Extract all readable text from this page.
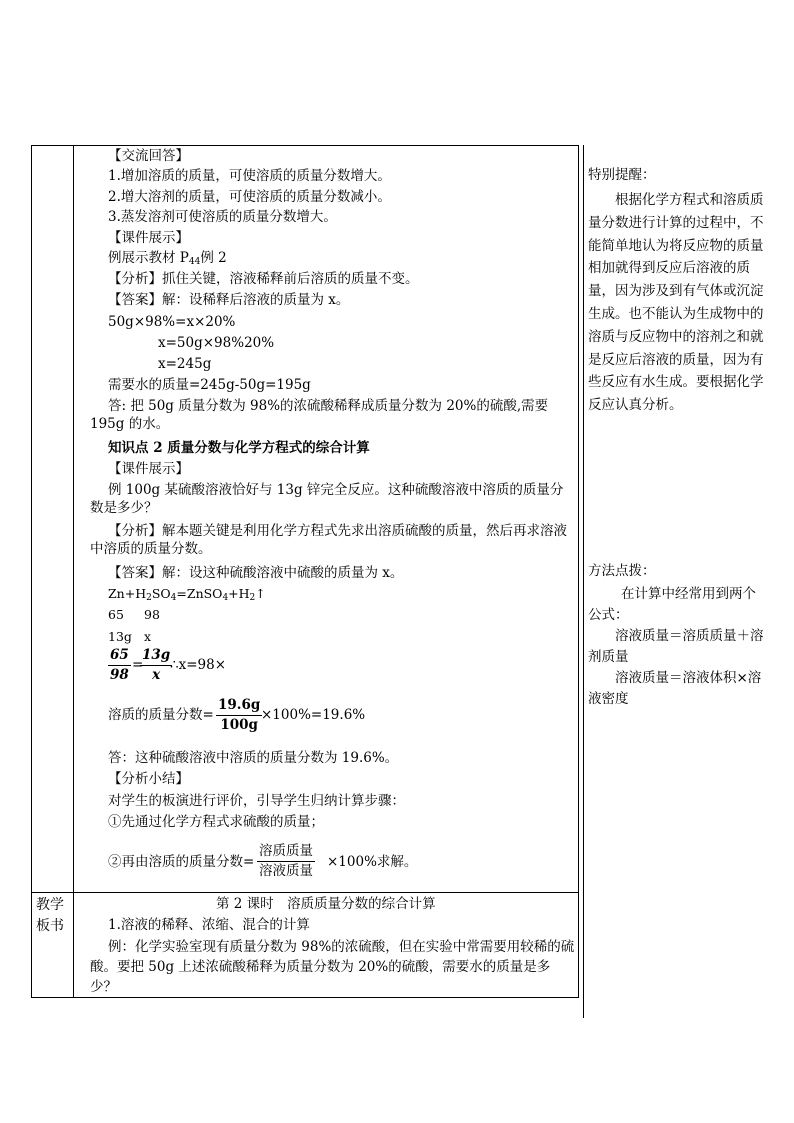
【交流回答】
1.增加溶质的质量，可使溶质的质量分数增大。
2.增大溶剂的质量，可使溶质的质量分数减小。
3.蒸发溶剂可使溶质的质量分数增大。
【课件展示】
例展示教材 $P_{44}$例 2
【分析】抓住关键，溶液稀释前后溶质的质量不变。
【答案】解：设稀释后溶液的质量为 x。
50g×98%=x×20%
x=50g×98%20%
x=245g
需要水的质量=245g-50g=195g
答: 把 50g 质量分数为 98%的浓硫酸稀释成质量分数为 20%的硫酸,需要 195g 的水。
知识点 2 质量分数与化学方程式的综合计算
【课件展示】
例 100g 某硫酸溶液恰好与 13g 锌完全反应。这种硫酸溶液中溶质的质量分数是多少？
【分析】解本题关键是利用化学方程式先求出溶质硫酸的质量，然后再求溶液中溶质的质量分数。
【答案】解：设这种硫酸溶液中硫酸的质量为 x。
$Zn+H_2SO_4=ZnSO_4+H_2↑$
65 98
13g x
$\frac{65}{98}$ =
$\frac{13g}{x}$
∴x=98×
溶质的质量分数= $\frac{19.6g}{100g}$
×100%=19.6%
答：这种硫酸溶液中溶质的质量分数为 19.6%。
【分析小结】
对学生的板演进行评价，引导学生归纳计算步骤：
①先通过化学方程式求硫酸的质量；
②再由溶质的质量分数=
溶质质量
溶液质量
×100%求解。
教学板书
第 2 课时　溶质质量分数的综合计算
1.溶液的稀释、浓缩、混合的计算
例：化学实验室现有质量分数为 98%的浓硫酸，但在实验中常需要用较稀的硫酸。要把 50g 上述浓硫酸稀释为质量分数为 20%的硫酸，需要水的质量是多少？
特别提醒：
根据化学方程式和溶质质量分数进行计算的过程中，不能简单地认为将反应物的质量相加就得到反应后溶液的质量，因为涉及到有气体或沉淀生成。也不能认为生成物中的溶质与反应物中的溶剂之和就是反应后溶液的质量，因为有些反应有水生成。要根据化学反应认真分析。
方法点拨：
在计算中经常用到两个公式：
溶液质量＝溶质质量＋溶剂质量
溶液质量＝溶液体积×溶液密度
